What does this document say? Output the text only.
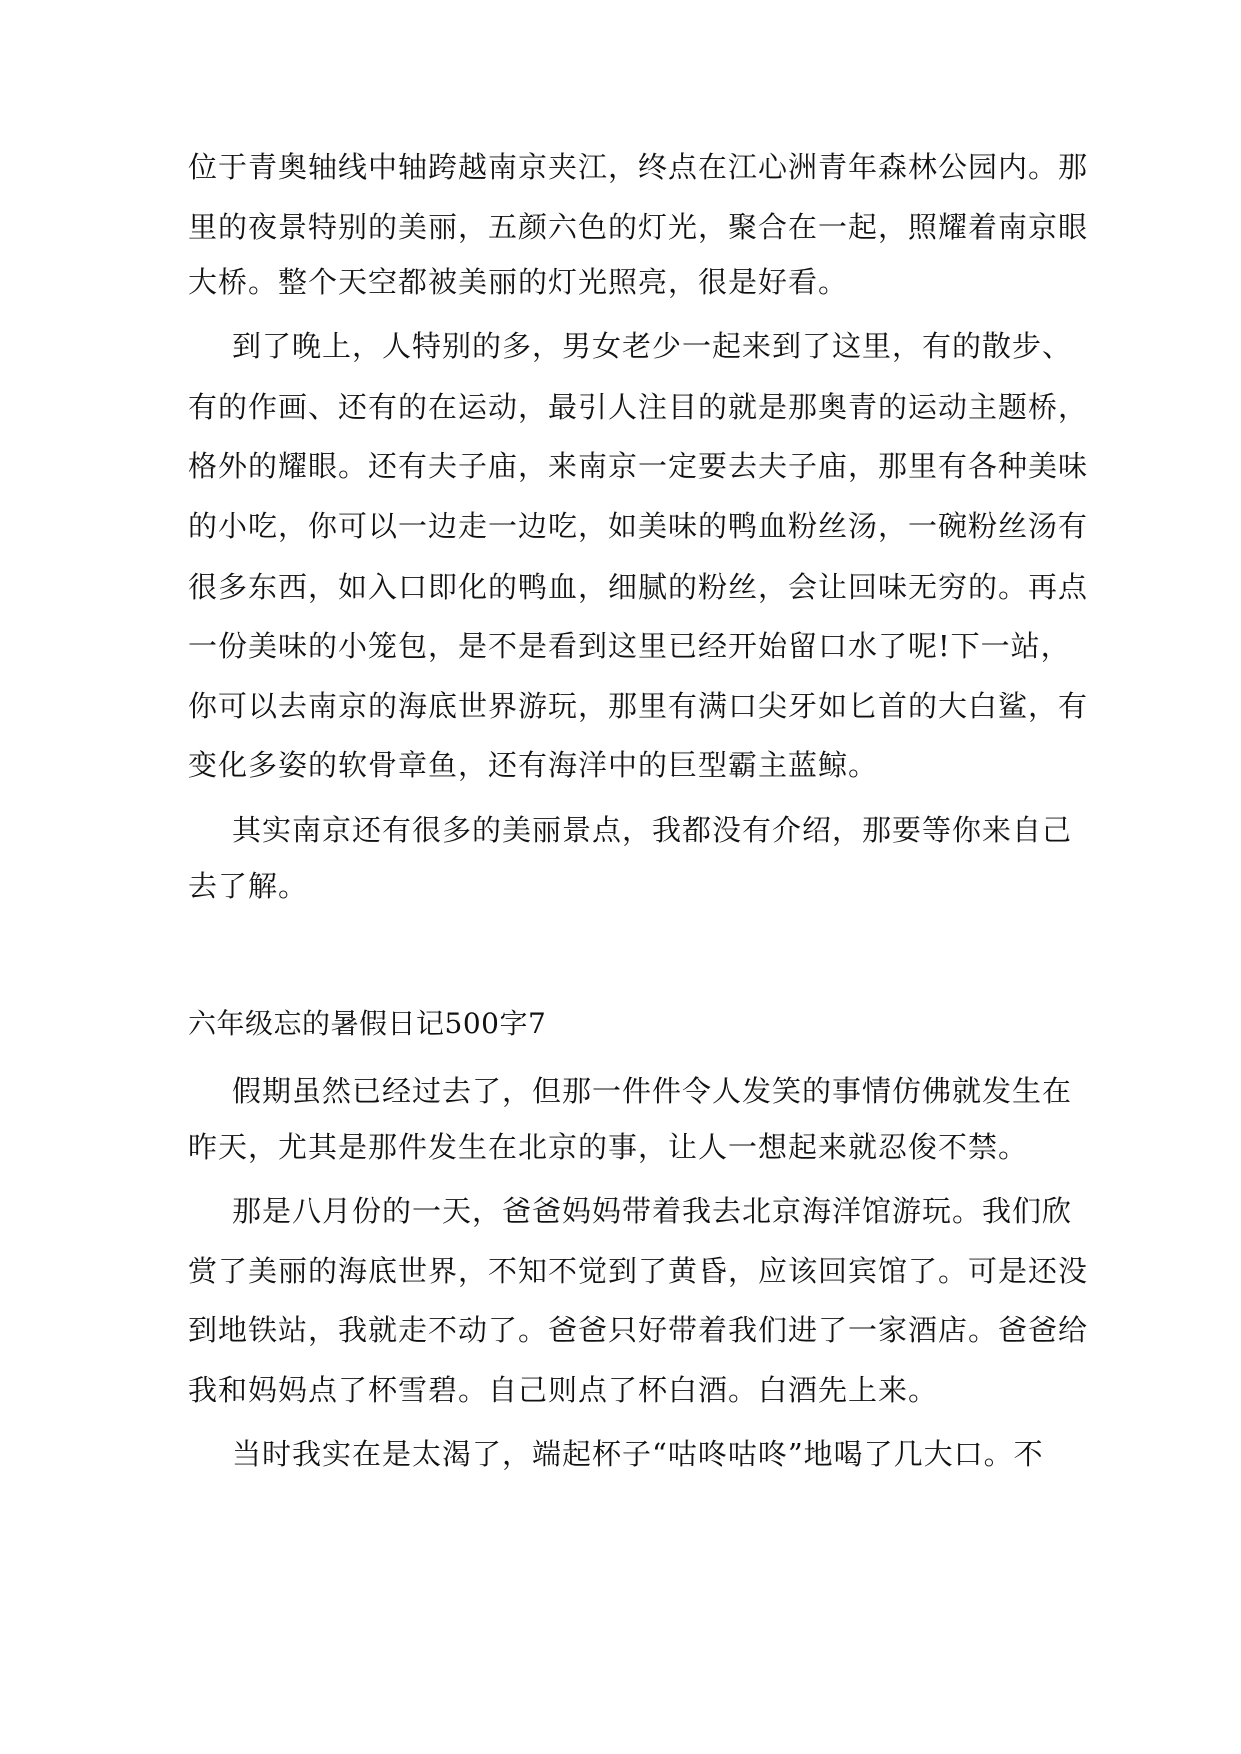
位于青奥轴线中轴跨越南京夹江，终点在江心洲青年森林公园内。那
里的夜景特别的美丽，五颜六色的灯光，聚合在一起，照耀着南京眼
大桥。整个天空都被美丽的灯光照亮，很是好看。
到了晚上，人特别的多，男女老少一起来到了这里，有的散步、
有的作画、还有的在运动，最引人注目的就是那奥青的运动主题桥，
格外的耀眼。还有夫子庙，来南京一定要去夫子庙，那里有各种美味
的小吃，你可以一边走一边吃，如美味的鸭血粉丝汤，一碗粉丝汤有
很多东西，如入口即化的鸭血，细腻的粉丝，会让回味无穷的。再点
一份美味的小笼包，是不是看到这里已经开始留口水了呢!下一站，
你可以去南京的海底世界游玩，那里有满口尖牙如匕首的大白鲨，有
变化多姿的软骨章鱼，还有海洋中的巨型霸主蓝鲸。
其实南京还有很多的美丽景点，我都没有介绍，那要等你来自己
去了解。
六年级忘的暑假日记500字7
假期虽然已经过去了，但那一件件令人发笑的事情仿佛就发生在
昨天，尤其是那件发生在北京的事，让人一想起来就忍俊不禁。
那是八月份的一天，爸爸妈妈带着我去北京海洋馆游玩。我们欣
赏了美丽的海底世界，不知不觉到了黄昏，应该回宾馆了。可是还没
到地铁站，我就走不动了。爸爸只好带着我们进了一家酒店。爸爸给
我和妈妈点了杯雪碧。自己则点了杯白酒。白酒先上来。
当时我实在是太渴了，端起杯子“咕咚咕咚”地喝了几大口。不
